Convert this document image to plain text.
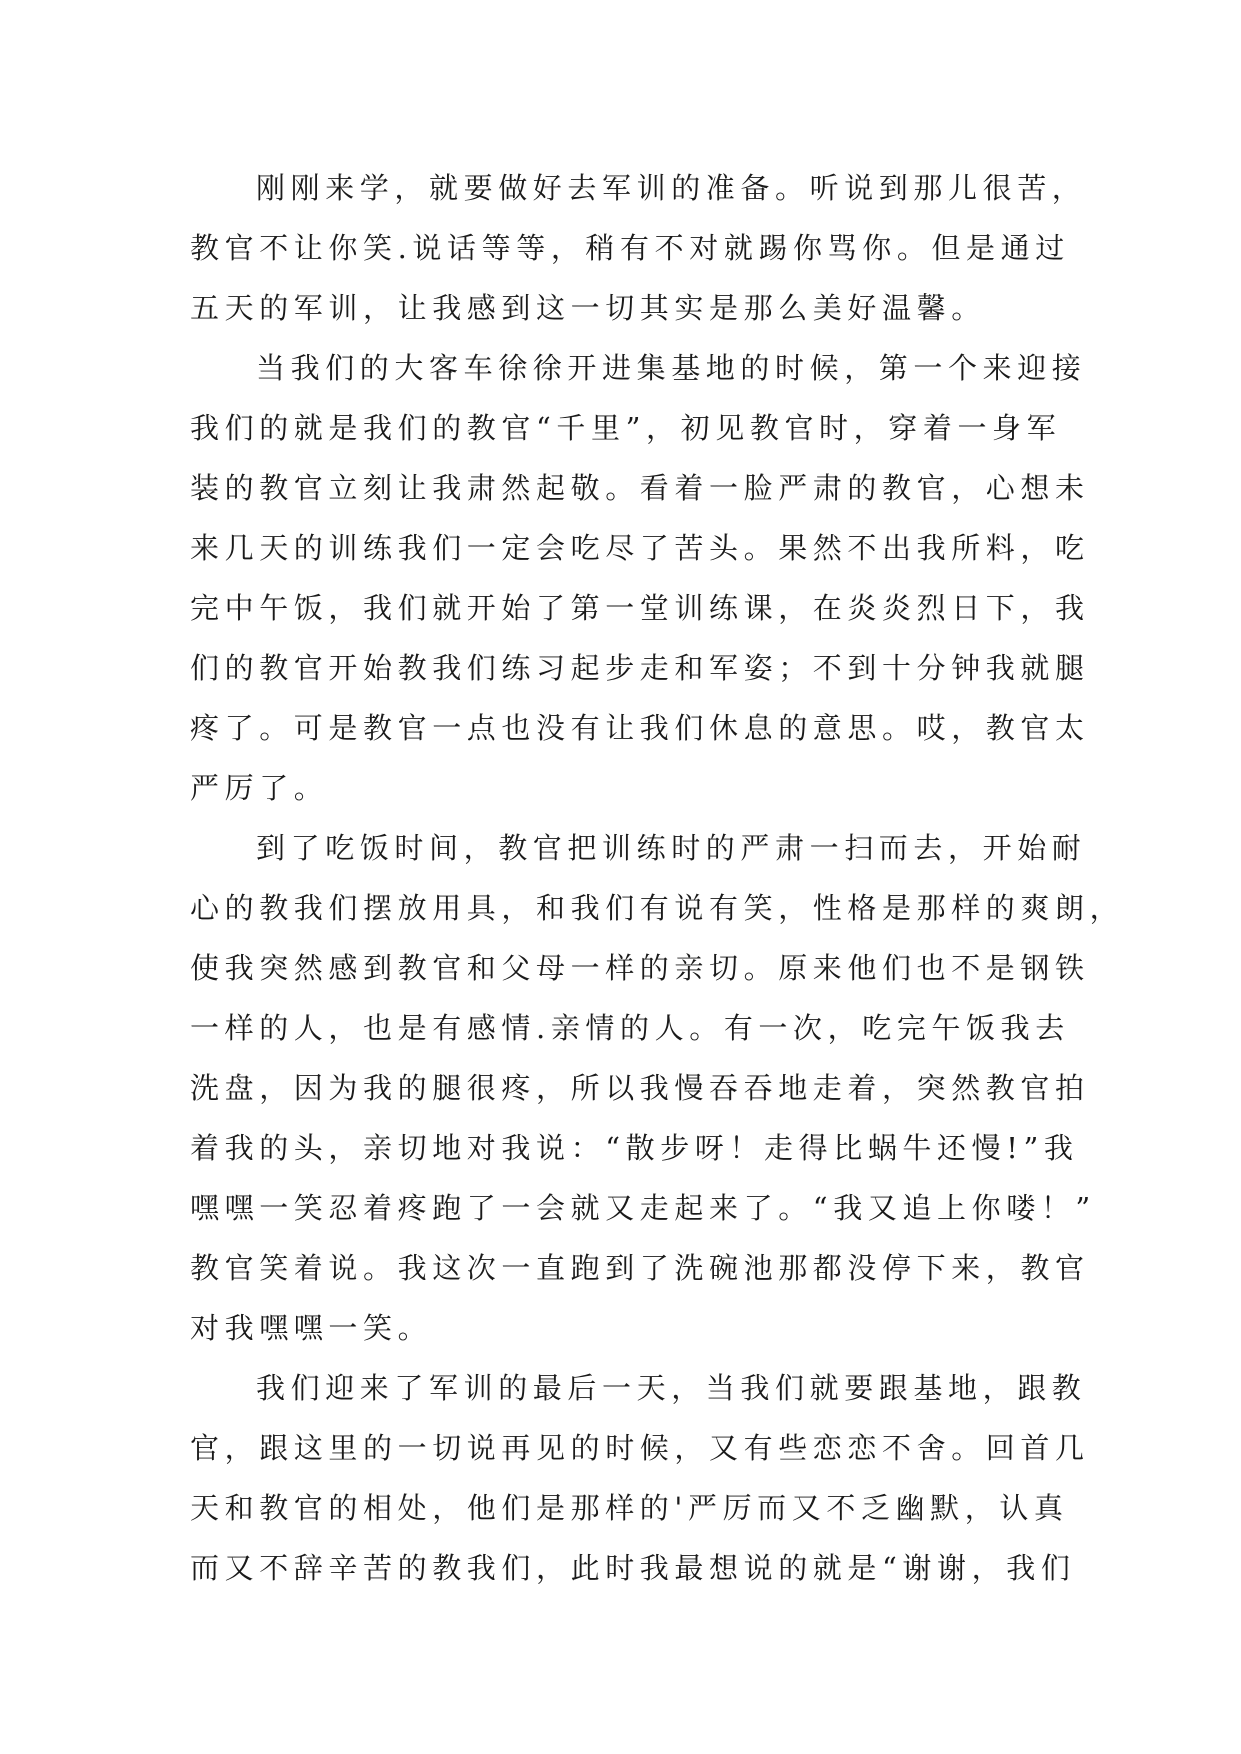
刚刚来学，就要做好去军训的准备。听说到那儿很苦，
教官不让你笑.说话等等，稍有不对就踢你骂你。但是通过
五天的军训，让我感到这一切其实是那么美好温馨。

当我们的大客车徐徐开进集基地的时候，第一个来迎接
我们的就是我们的教官“千里”，初见教官时，穿着一身军
装的教官立刻让我肃然起敬。看着一脸严肃的教官，心想未
来几天的训练我们一定会吃尽了苦头。果然不出我所料，吃
完中午饭，我们就开始了第一堂训练课，在炎炎烈日下，我
们的教官开始教我们练习起步走和军姿；不到十分钟我就腿
疼了。可是教官一点也没有让我们休息的意思。哎，教官太
严厉了。

到了吃饭时间，教官把训练时的严肃一扫而去，开始耐
心的教我们摆放用具，和我们有说有笑，性格是那样的爽朗，
使我突然感到教官和父母一样的亲切。原来他们也不是钢铁
一样的人，也是有感情.亲情的人。有一次，吃完午饭我去
洗盘，因为我的腿很疼，所以我慢吞吞地走着，突然教官拍
着我的头，亲切地对我说：“散步呀！走得比蜗牛还慢!”我
嘿嘿一笑忍着疼跑了一会就又走起来了。“我又追上你喽！”
教官笑着说。我这次一直跑到了洗碗池那都没停下来，教官
对我嘿嘿一笑。

我们迎来了军训的最后一天，当我们就要跟基地，跟教
官，跟这里的一切说再见的时候，又有些恋恋不舍。回首几
天和教官的相处，他们是那样的'严厉而又不乏幽默，认真
而又不辞辛苦的教我们，此时我最想说的就是“谢谢，我们
